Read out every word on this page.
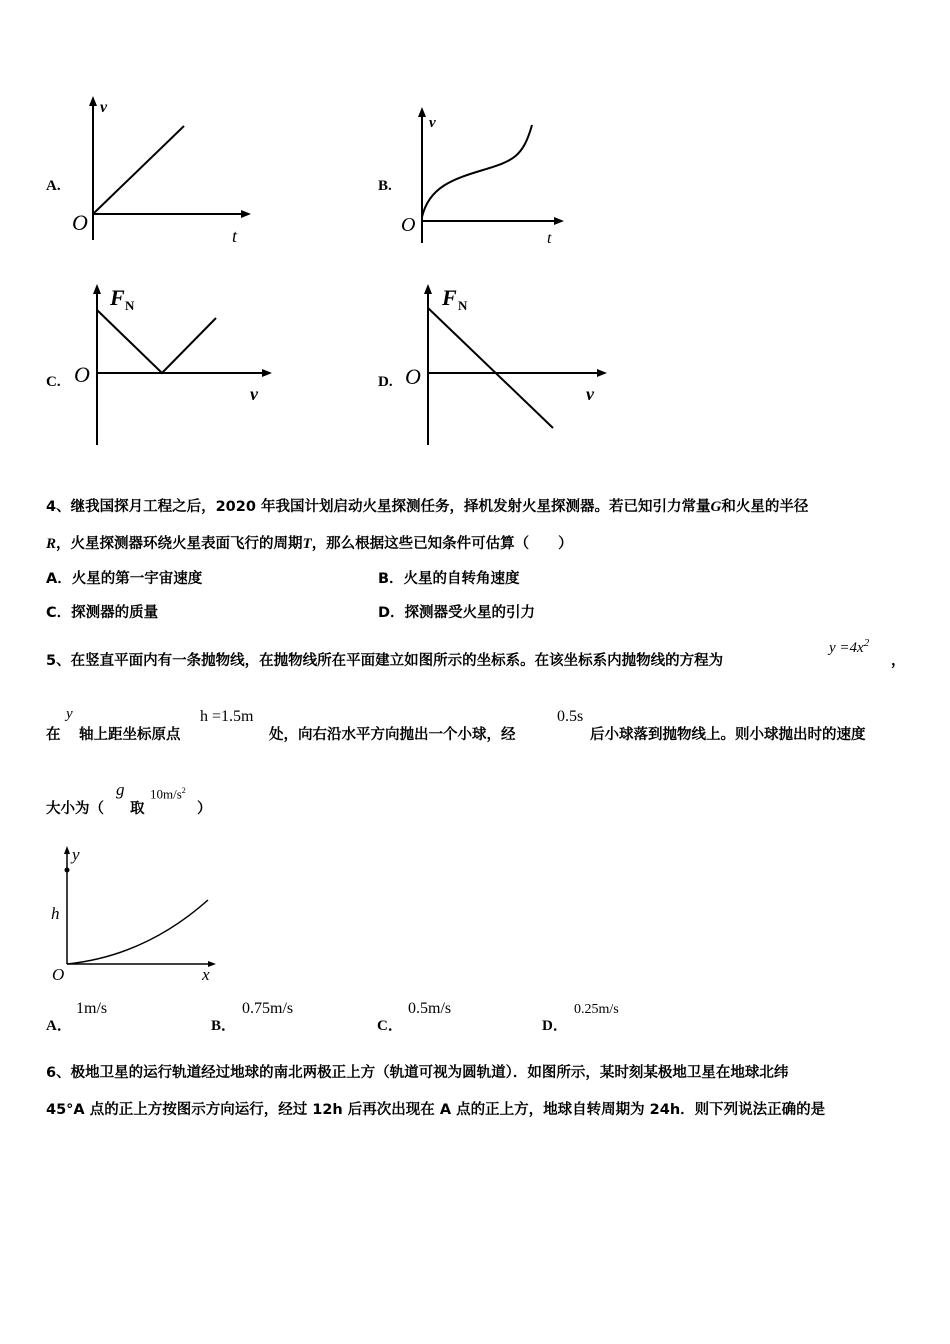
A.
v
O
t
B.
v
O
t
C.
F N
O
v
D.
F N
O
v
4、继我国探月工程之后，2020 年我国计划启动火星探测任务，择机发射火星探测器。若已知引力常量G和火星的半径
R，火星探测器环绕火星表面飞行的周期T，那么根据这些已知条件可估算（　　）
A．火星的第一宇宙速度	B．火星的自转角速度
C．探测器的质量	D．探测器受火星的引力
5、在竖直平面内有一条抛物线，在抛物线所在平面建立如图所示的坐标系。在该坐标系内抛物线的方程为
$y =4x^2$
，
在
y
轴上距坐标原点
h =1.5m
处，向右沿水平方向抛出一个小球，经
0.5s
后小球落到抛物线上。则小球抛出时的速度
大小为（
g
取
$10m/s^2$
）
y
h
O	x
A．
1m/s
B．
0.75m/s
C．
0.5m/s
D．
0.25m/s
6、极地卫星的运行轨道经过地球的南北两极正上方（轨道可视为圆轨道）．如图所示，某时刻某极地卫星在地球北纬
45°A 点的正上方按图示方向运行，经过 12h 后再次出现在 A 点的正上方，地球自转周期为 24h．则下列说法正确的是
